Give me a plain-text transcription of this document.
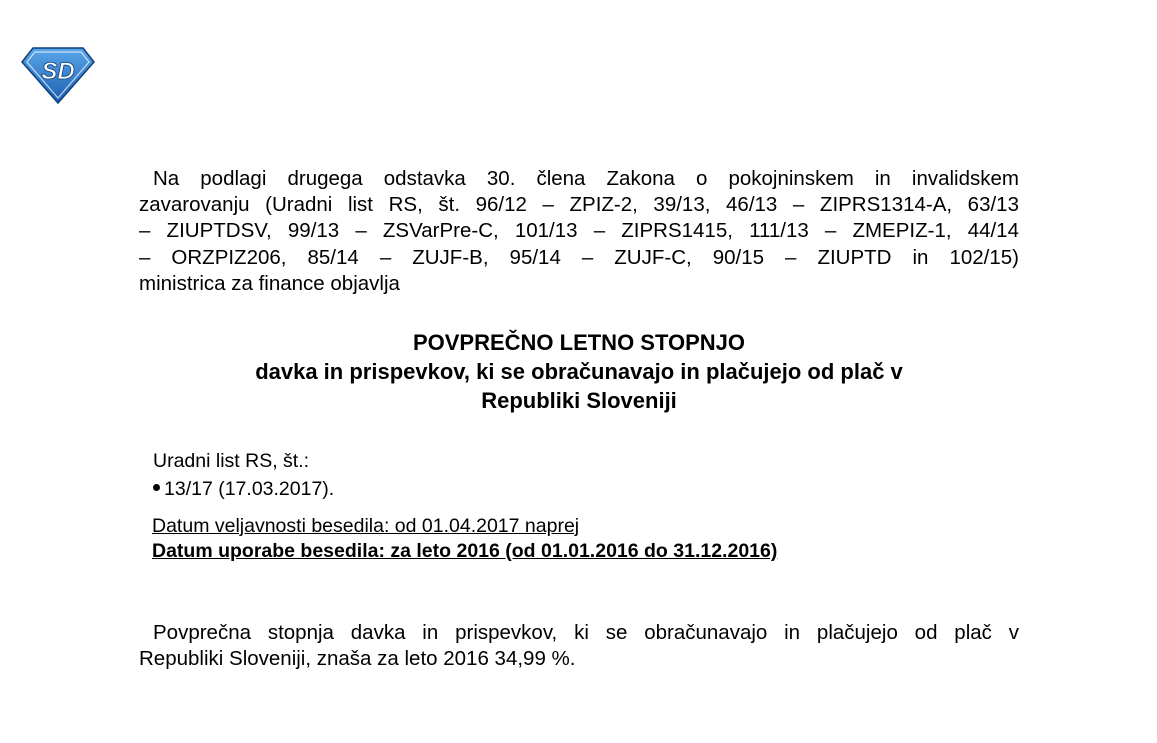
SD
Na podlagi drugega odstavka 30. člena Zakona o pokojninskem in invalidskem
zavarovanju (Uradni list RS, št. 96/12 – ZPIZ-2, 39/13, 46/13 – ZIPRS1314-A, 63/13
– ZIUPTDSV, 99/13 – ZSVarPre-C, 101/13 – ZIPRS1415, 111/13 – ZMEPIZ-1, 44/14
– ORZPIZ206, 85/14 – ZUJF-B, 95/14 – ZUJF-C, 90/15 – ZIUPTD in 102/15)
ministrica za finance objavlja
POVPREČNO LETNO STOPNJO
davka in prispevkov, ki se obračunavajo in plačujejo od plač v
Republiki Sloveniji
Uradni list RS, št.:
13/17 (17.03.2017).
Datum veljavnosti besedila: od 01.04.2017 naprej
Datum uporabe besedila: za leto 2016 (od 01.01.2016 do 31.12.2016)
Povprečna stopnja davka in prispevkov, ki se obračunavajo in plačujejo od plač v
Republiki Sloveniji, znaša za leto 2016 34,99 %.
